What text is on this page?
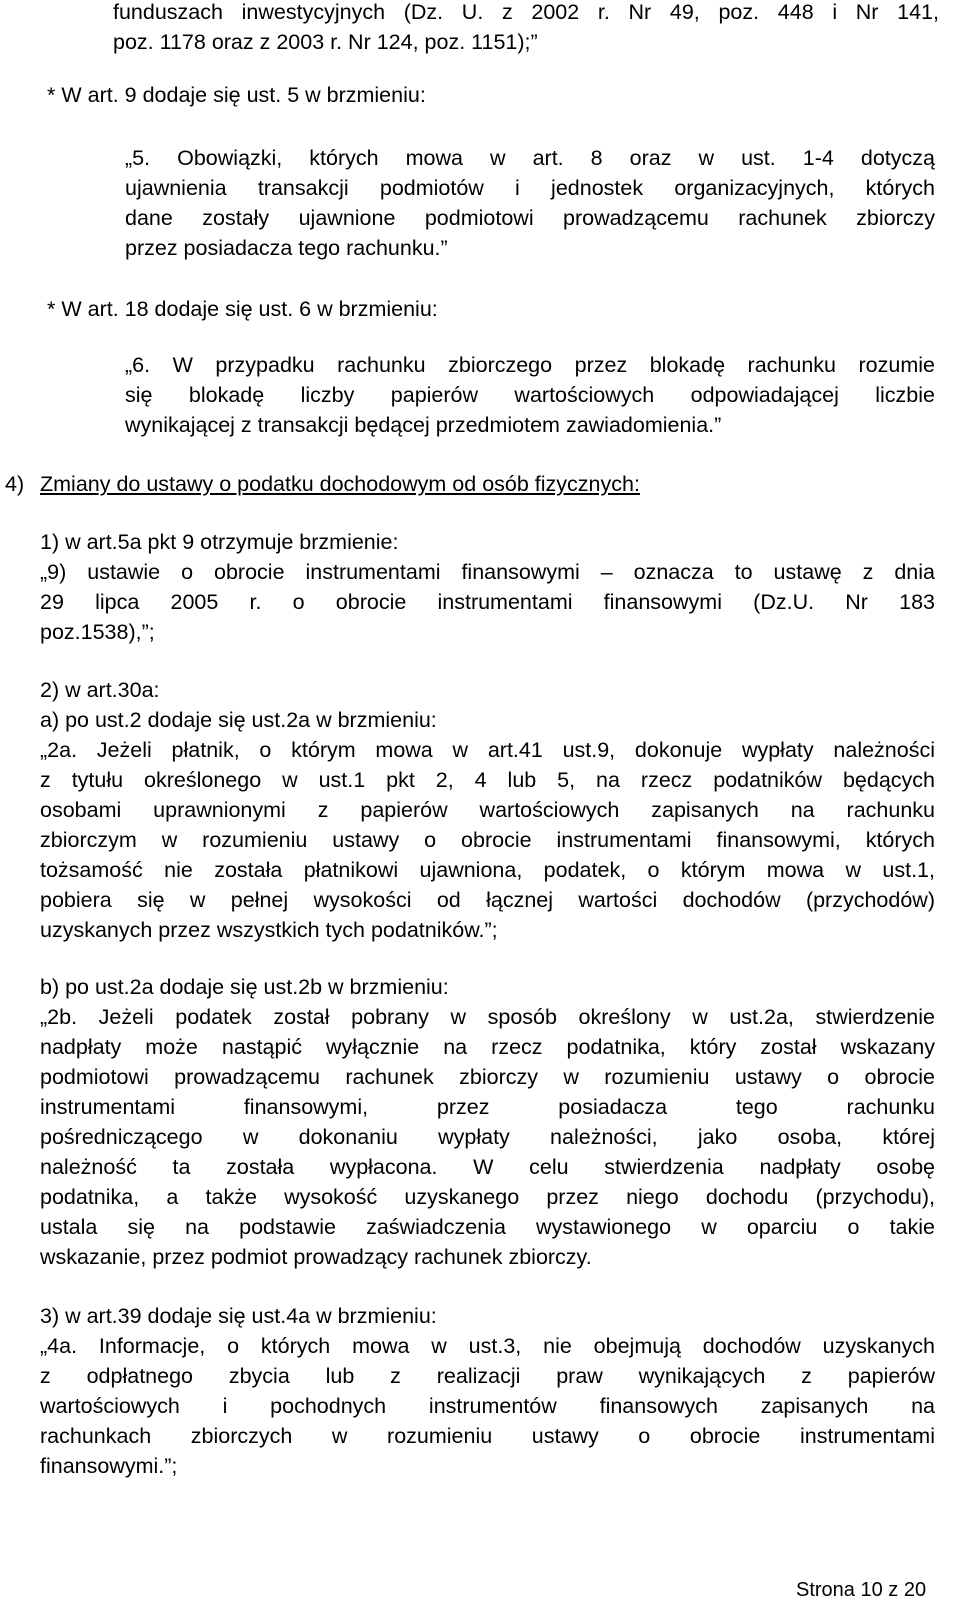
funduszach inwestycyjnych (Dz. U. z 2002 r. Nr 49, poz. 448 i Nr 141,

poz. 1178 oraz z 2003 r. Nr 124, poz. 1151);”

* W art. 9 dodaje się ust. 5 w brzmieniu:

„5. Obowiązki, których mowa w art. 8 oraz w ust. 1-4 dotyczą

ujawnienia transakcji podmiotów i jednostek organizacyjnych, których

dane zostały ujawnione podmiotowi prowadzącemu rachunek zbiorczy

przez posiadacza tego rachunku.”

* W art. 18 dodaje się ust. 6 w brzmieniu:

„6. W przypadku rachunku zbiorczego przez blokadę rachunku rozumie

się blokadę liczby papierów wartościowych odpowiadającej liczbie

wynikającej z transakcji będącej przedmiotem zawiadomienia.”

4) Zmiany do ustawy o podatku dochodowym od osób fizycznych:

1) w art.5a pkt 9 otrzymuje brzmienie:

„9) ustawie o obrocie instrumentami finansowymi – oznacza to ustawę z dnia

29 lipca 2005 r. o obrocie instrumentami finansowymi (Dz.U. Nr 183

poz.1538),”;

2) w art.30a:

a) po ust.2 dodaje się ust.2a w brzmieniu:

„2a. Jeżeli płatnik, o którym mowa w art.41 ust.9, dokonuje wypłaty należności

z tytułu określonego w ust.1 pkt 2, 4 lub 5, na rzecz podatników będących

osobami uprawnionymi z papierów wartościowych zapisanych na rachunku

zbiorczym w rozumieniu ustawy o obrocie instrumentami finansowymi, których

tożsamość nie została płatnikowi ujawniona, podatek, o którym mowa w ust.1,

pobiera się w pełnej wysokości od łącznej wartości dochodów (przychodów)

uzyskanych przez wszystkich tych podatników.”;

b) po ust.2a dodaje się ust.2b w brzmieniu:

„2b. Jeżeli podatek został pobrany w sposób określony w ust.2a, stwierdzenie

nadpłaty może nastąpić wyłącznie na rzecz podatnika, który został wskazany

podmiotowi prowadzącemu rachunek zbiorczy w rozumieniu ustawy o obrocie

instrumentami finansowymi, przez posiadacza tego rachunku

pośredniczącego w dokonaniu wypłaty należności, jako osoba, której

należność ta została wypłacona. W celu stwierdzenia nadpłaty osobę

podatnika, a także wysokość uzyskanego przez niego dochodu (przychodu),

ustala się na podstawie zaświadczenia wystawionego w oparciu o takie

wskazanie, przez podmiot prowadzący rachunek zbiorczy.

3) w art.39 dodaje się ust.4a w brzmieniu:

„4a. Informacje, o których mowa w ust.3, nie obejmują dochodów uzyskanych

z odpłatnego zbycia lub z realizacji praw wynikających z papierów

wartościowych i pochodnych instrumentów finansowych zapisanych na

rachunkach zbiorczych w rozumieniu ustawy o obrocie instrumentami

finansowymi.”;

Strona 10 z 20
